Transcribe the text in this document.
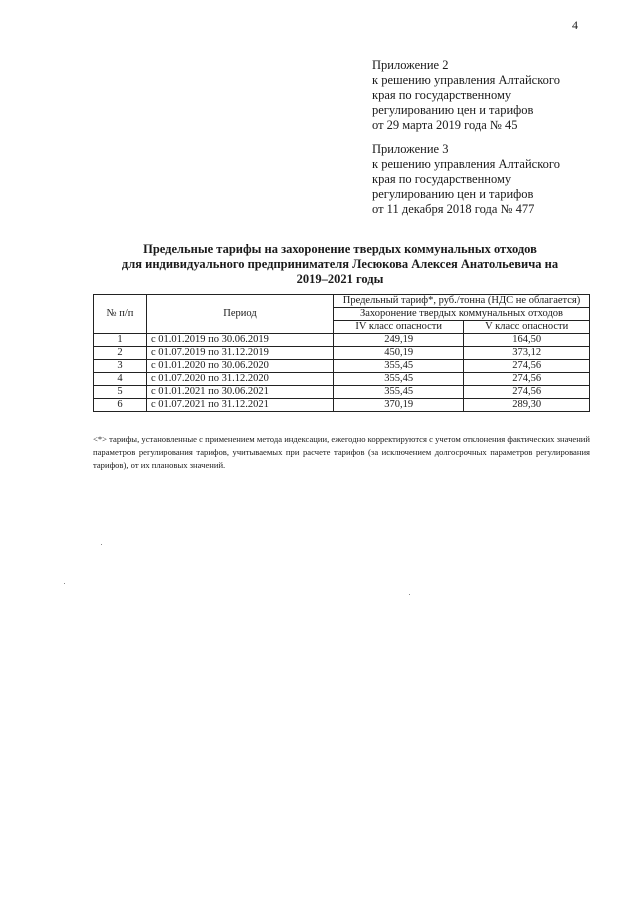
4
Приложение 2
к решению управления Алтайского
края по государственному
регулированию цен и тарифов
от 29 марта 2019 года № 45
Приложение 3
к решению управления Алтайского
края по государственному
регулированию цен и тарифов
от 11 декабря 2018 года № 477
Предельные тарифы на захоронение твердых коммунальных отходов
для индивидуального предпринимателя Лесюкова Алексея Анатольевича на
2019–2021 годы
№ п/п	Период	Предельный тариф*, руб./тонна (НДС не облагается)	
		Захоронение твердых коммунальных отходов	
		IV класс опасности	V класс опасности
1	с 01.01.2019 по 30.06.2019	249,19	164,50
2	с 01.07.2019 по 31.12.2019	450,19	373,12
3	с 01.01.2020 по 30.06.2020	355,45	274,56
4	с 01.07.2020 по 31.12.2020	355,45	274,56
5	с 01.01.2021 по 30.06.2021	355,45	274,56
6	с 01.07.2021 по 31.12.2021	370,19	289,30
<*> тарифы, установленные с применением метода индексации, ежегодно корректируются с учетом отклонения фактических значений параметров регулирования тарифов, учитываемых при расчете тарифов (за исключением долгосрочных параметров регулирования тарифов), от их плановых значений.
